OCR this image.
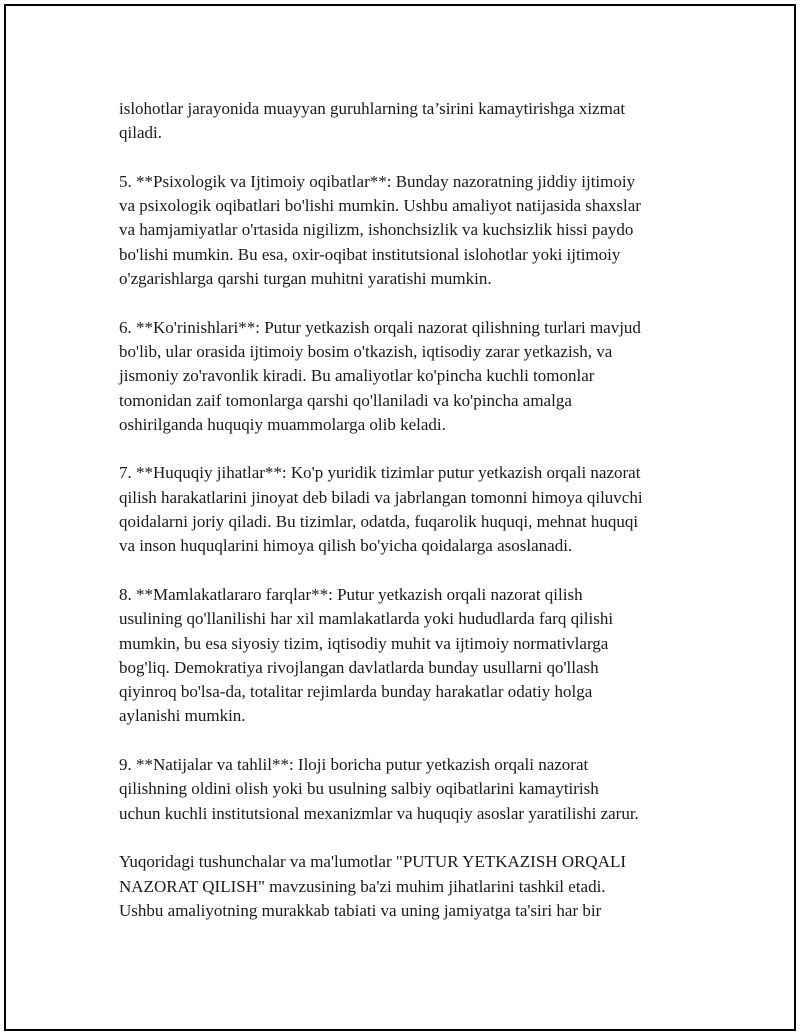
islohotlar jarayonida muayyan guruhlarning ta’sirini kamaytirishga xizmat
qiladi.

5. **Psixologik va Ijtimoiy oqibatlar**: Bunday nazoratning jiddiy ijtimoiy
va psixologik oqibatlari bo'lishi mumkin. Ushbu amaliyot natijasida shaxslar
va hamjamiyatlar o'rtasida nigilizm, ishonchsizlik va kuchsizlik hissi paydo
bo'lishi mumkin. Bu esa, oxir-oqibat institutsional islohotlar yoki ijtimoiy
o'zgarishlarga qarshi turgan muhitni yaratishi mumkin.

6. **Ko'rinishlari**: Putur yetkazish orqali nazorat qilishning turlari mavjud
bo'lib, ular orasida ijtimoiy bosim o'tkazish, iqtisodiy zarar yetkazish, va
jismoniy zo'ravonlik kiradi. Bu amaliyotlar ko'pincha kuchli tomonlar
tomonidan zaif tomonlarga qarshi qo'llaniladi va ko'pincha amalga
oshirilganda huquqiy muammolarga olib keladi.

7. **Huquqiy jihatlar**: Ko'p yuridik tizimlar putur yetkazish orqali nazorat
qilish harakatlarini jinoyat deb biladi va jabrlangan tomonni himoya qiluvchi
qoidalarni joriy qiladi. Bu tizimlar, odatda, fuqarolik huquqi, mehnat huquqi
va inson huquqlarini himoya qilish bo'yicha qoidalarga asoslanadi.

8. **Mamlakatlararo farqlar**: Putur yetkazish orqali nazorat qilish
usulining qo'llanilishi har xil mamlakatlarda yoki hududlarda farq qilishi
mumkin, bu esa siyosiy tizim, iqtisodiy muhit va ijtimoiy normativlarga
bog'liq. Demokratiya rivojlangan davlatlarda bunday usullarni qo'llash
qiyinroq bo'lsa-da, totalitar rejimlarda bunday harakatlar odatiy holga
aylanishi mumkin.

9. **Natijalar va tahlil**: Iloji boricha putur yetkazish orqali nazorat
qilishning oldini olish yoki bu usulning salbiy oqibatlarini kamaytirish
uchun kuchli institutsional mexanizmlar va huquqiy asoslar yaratilishi zarur.

Yuqoridagi tushunchalar va ma'lumotlar "PUTUR YETKAZISH ORQALI
NAZORAT QILISH" mavzusining ba'zi muhim jihatlarini tashkil etadi.
Ushbu amaliyotning murakkab tabiati va uning jamiyatga ta'siri har bir
